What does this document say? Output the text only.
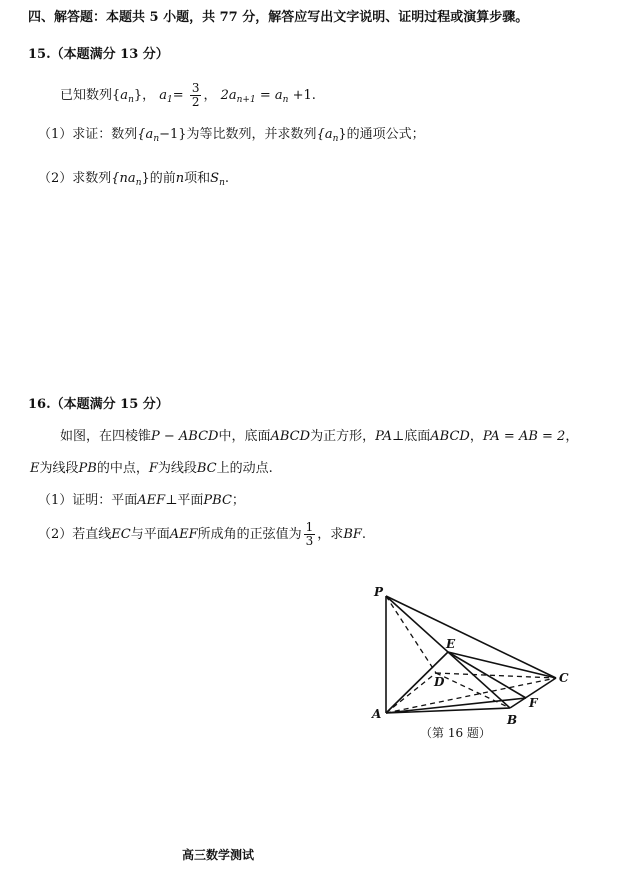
四、解答题：本题共 5 小题，共 77 分，解答应写出文字说明、证明过程或演算步骤。
15.（本题满分 13 分）
已知数列$\{a_n\}$， $a_1= \frac{3}{2}$ ， $2a_{n+1} = a_n +1$.
（1）求证：数列$\{a_n-1\}$为等比数列，并求数列$\{a_n\}$的通项公式；
（2）求数列$\{na_n\}$的前n项和$S_n$.
16.（本题满分 15 分）
如图，在四棱锥P − ABCD中，底面ABCD为正方形，PA⊥底面ABCD，PA = AB = 2，
E为线段PB的中点，F为线段BC上的动点.
（1）证明：平面AEF⊥平面PBC；
（2）若直线EC与平面AEF所成角的正弦值为 $\frac{1}{3}$ ，求BF.
P
A	B
C
D
E
F
（第 16 题）
高三数学测试
